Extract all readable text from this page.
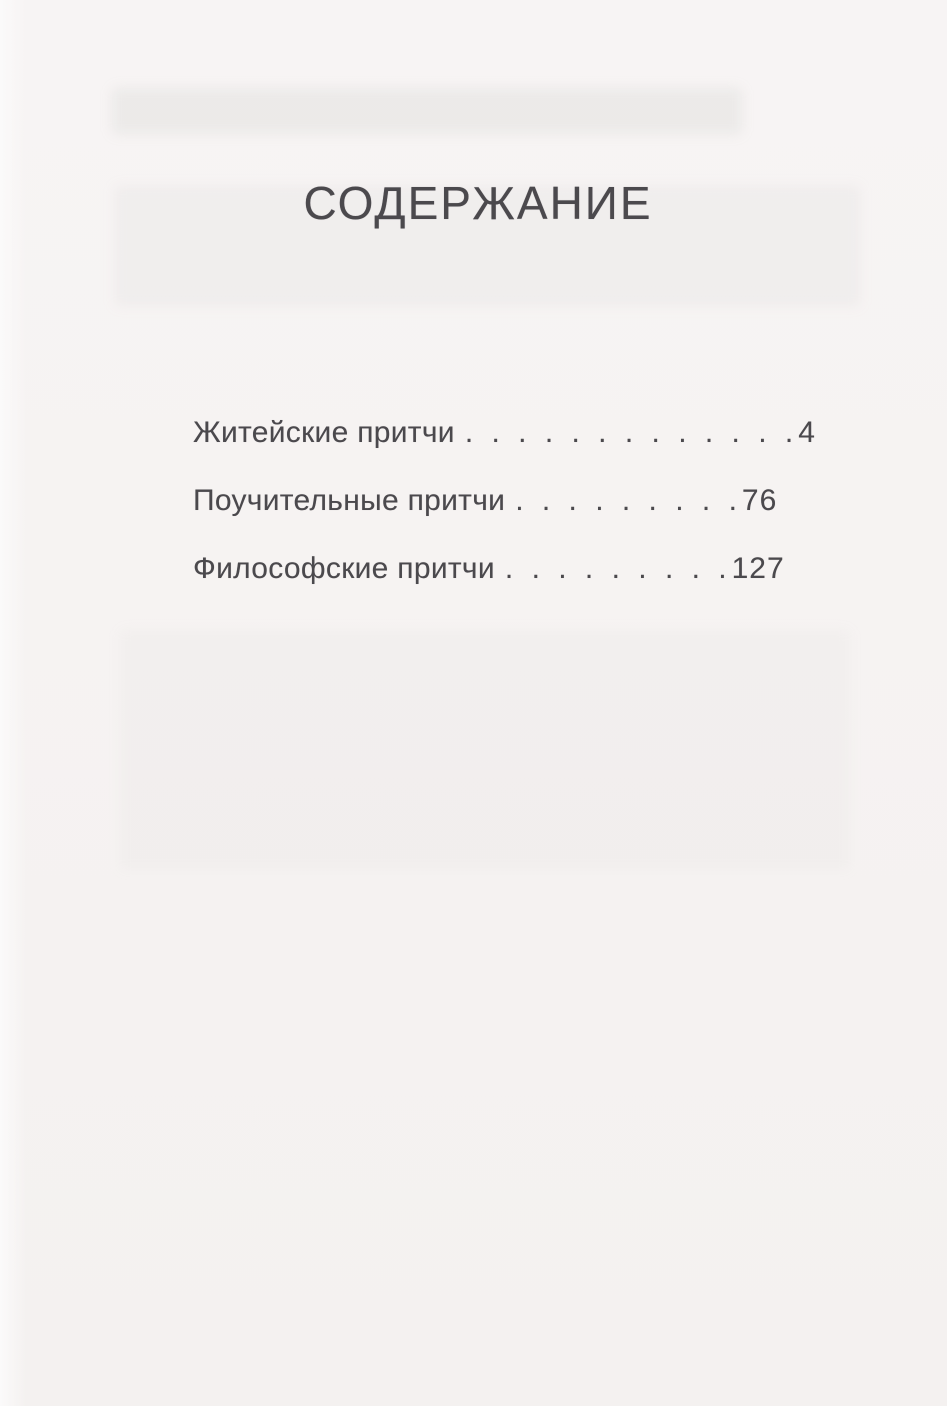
СОДЕРЖАНИЕ
Житейские притчи . . . . . . . . . . . . . 4
Поучительные притчи . . . . . . . . . 76
Философские притчи . . . . . . . . . 127
